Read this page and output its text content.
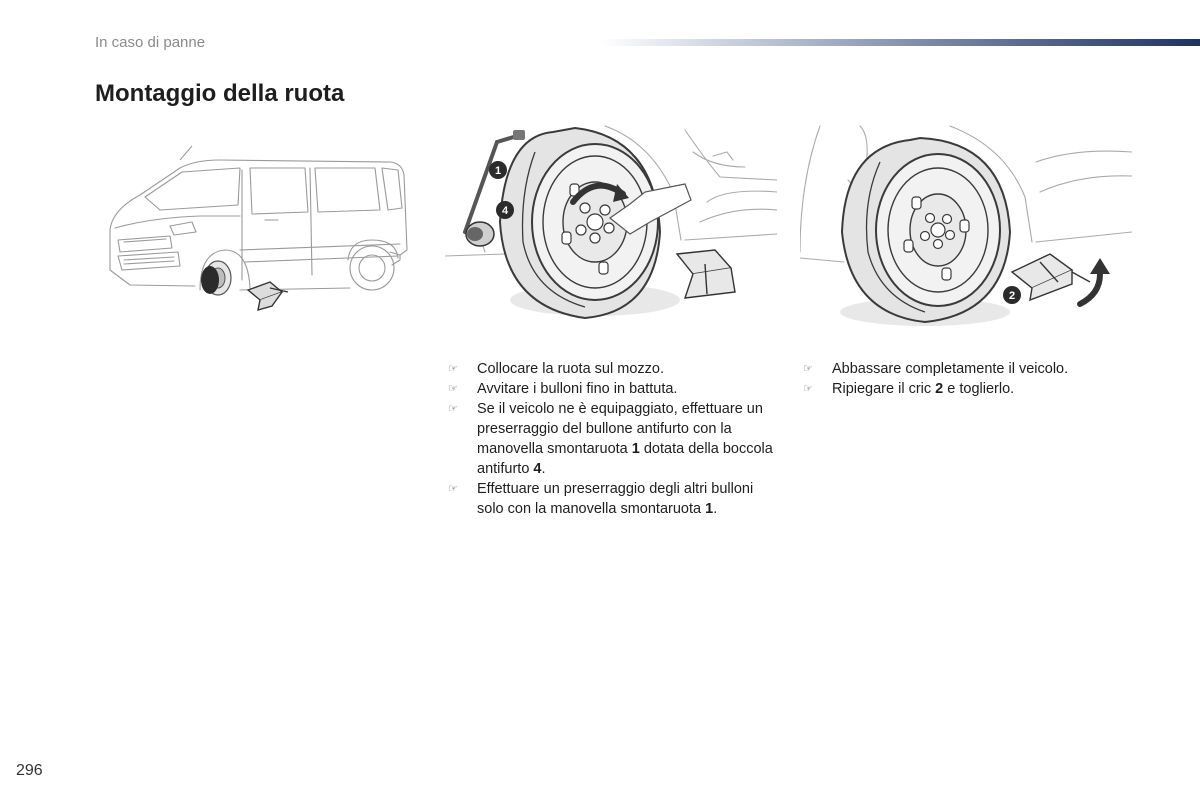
In caso di panne
Montaggio della ruota
1
4
2
☞ Collocare la ruota sul mozzo.
☞ Avvitare i bulloni fino in battuta.
☞ Se il veicolo ne è equipaggiato, effettuare un preserraggio del bullone antifurto con la manovella smontaruota 1 dotata della boccola antifurto 4.
☞ Effettuare un preserraggio degli altri bulloni solo con la manovella smontaruota 1.
☞ Abbassare completamente il veicolo.
☞ Ripiegare il cric 2 e toglierlo.
296
